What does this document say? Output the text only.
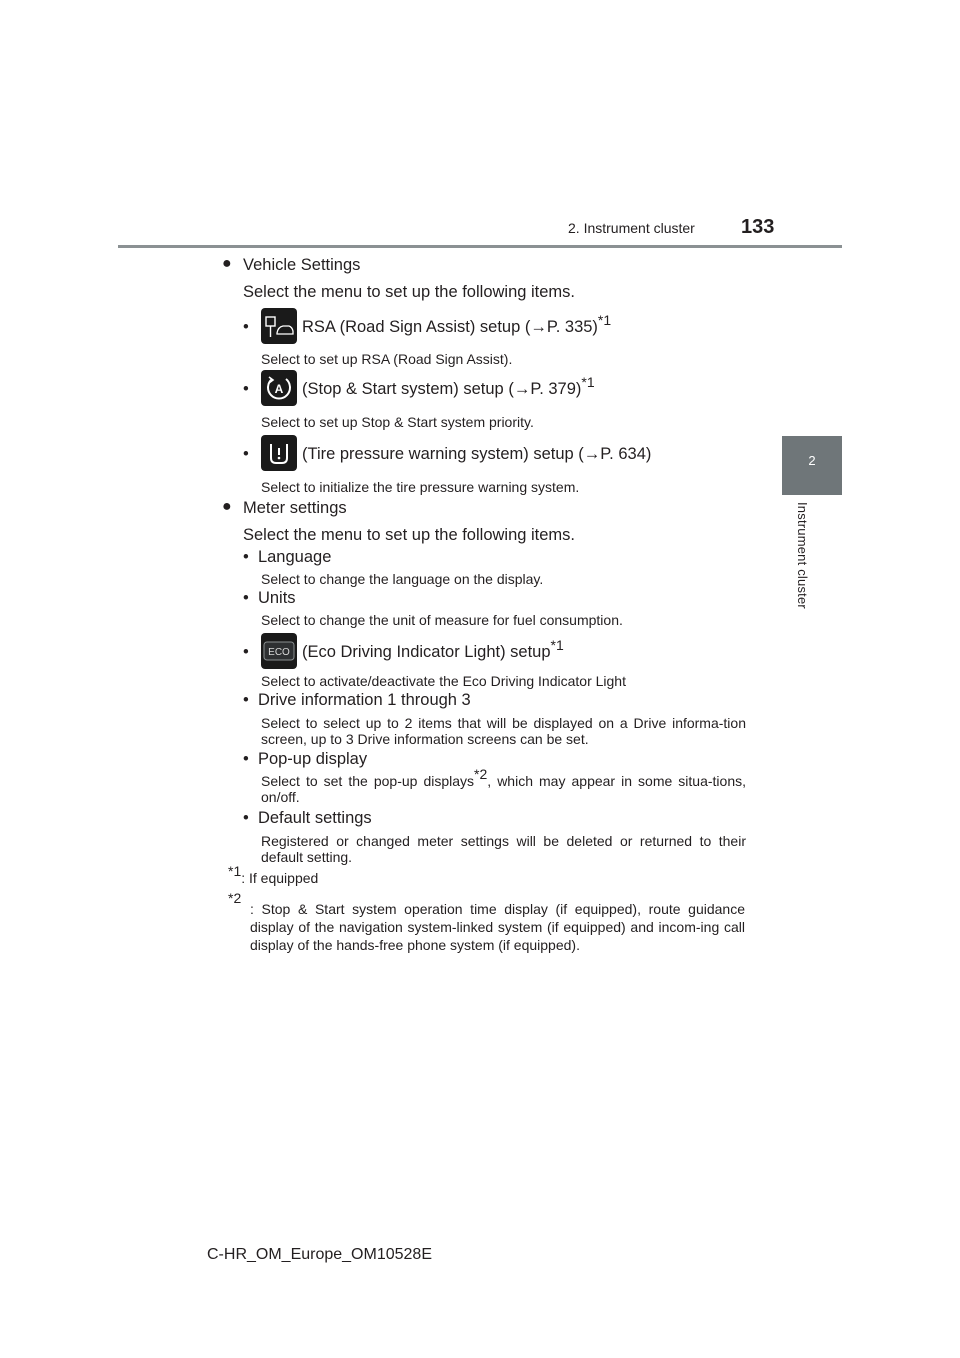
2. Instrument cluster 133
2
Instrument cluster
● Vehicle Settings
Select the menu to set up the following items.
•	RSA (Road Sign Assist) setup (→P. 335)$^{*1}$
Select to set up RSA (Road Sign Assist).
• A (Stop & Start system) setup (→P. 379)$^{*1}$
Select to set up Stop & Start system priority.
•	(Tire pressure warning system) setup (→P. 634)
Select to initialize the tire pressure warning system.
● Meter settings
Select the menu to set up the following items.
•  Language
Select to change the language on the display.
•  Units
Select to change the unit of measure for fuel consumption.
• ECO (Eco Driving Indicator Light) setup$^{*1}$
Select to activate/deactivate the Eco Driving Indicator Light
•  Drive information 1 through 3
Select to select up to 2 items that will be displayed on a Drive informa-tion screen, up to 3 Drive information screens can be set.
•  Pop-up display
Select to set the pop-up displays$^{*2}$, which may appear in some situa-tions, on/off.
•  Default settings
Registered or changed meter settings will be deleted or returned to their default setting.
$^{*1}$: If equipped
$^{*2}$
: Stop & Start system operation time display (if equipped), route guidance display of the navigation system-linked system (if equipped) and incom-ing call display of the hands-free phone system (if equipped).
C-HR_OM_Europe_OM10528E
